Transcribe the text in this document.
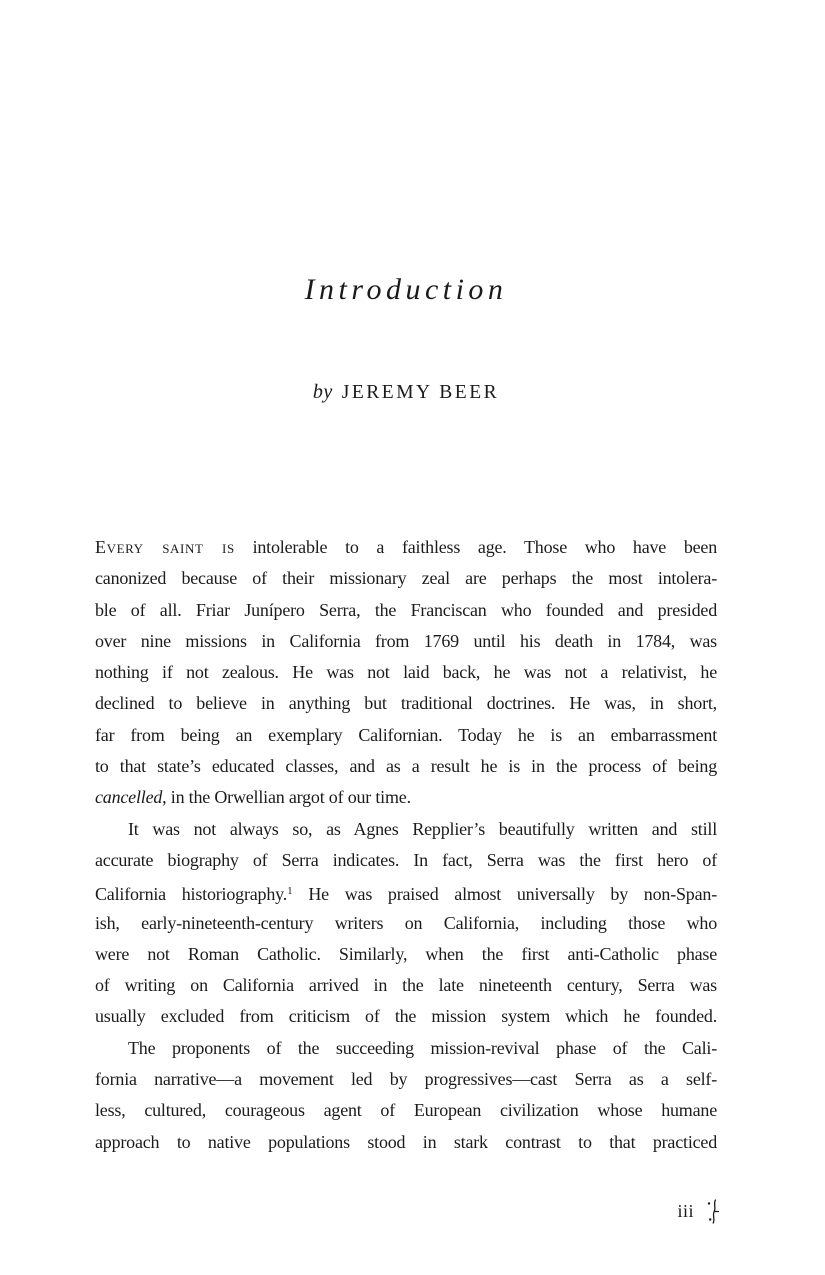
Introduction
by JEREMY BEER
Every saint is intolerable to a faithless age. Those who have been
canonized because of their missionary zeal are perhaps the most intolera-
ble of all. Friar Junípero Serra, the Franciscan who founded and presided
over nine missions in California from 1769 until his death in 1784, was
nothing if not zealous. He was not laid back, he was not a relativist, he
declined to believe in anything but traditional doctrines. He was, in short,
far from being an exemplary Californian. Today he is an embarrassment
to that state’s educated classes, and as a result he is in the process of being
cancelled, in the Orwellian argot of our time.
It was not always so, as Agnes Repplier’s beautifully written and still
accurate biography of Serra indicates. In fact, Serra was the first hero of
California historiography.$^1$ He was praised almost universally by non-Span-
ish, early-nineteenth-century writers on California, including those who
were not Roman Catholic. Similarly, when the first anti-Catholic phase
of writing on California arrived in the late nineteenth century, Serra was
usually excluded from criticism of the mission system which he founded.
The proponents of the succeeding mission-revival phase of the Cali-
fornia narrative—a movement led by progressives—cast Serra as a self-
less, cultured, courageous agent of European civilization whose humane
approach to native populations stood in stark contrast to that practiced
iii
